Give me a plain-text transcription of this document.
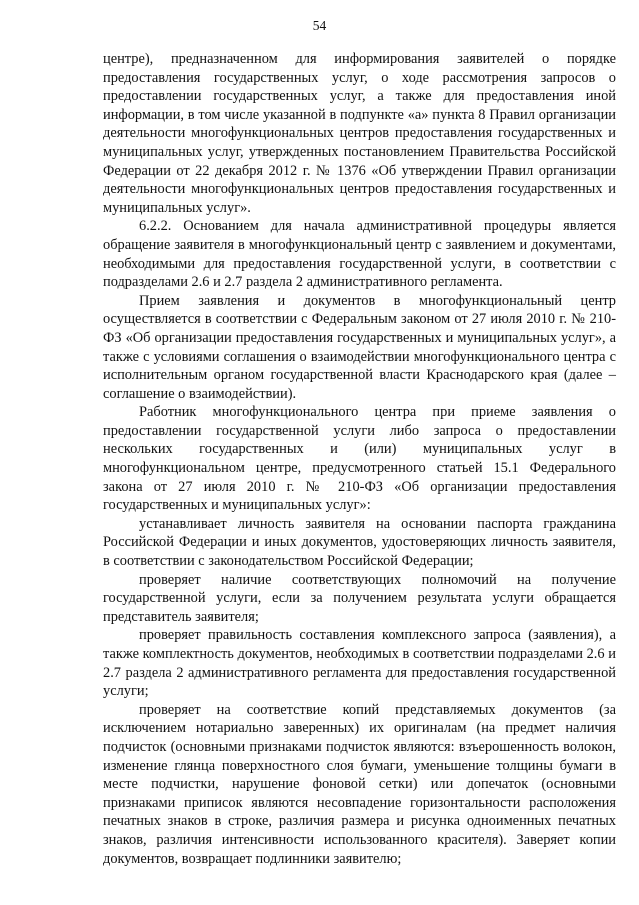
54

центре), предназначенном для информирования заявителей о порядке предоставления государственных услуг, о ходе рассмотрения запросов о предоставлении государственных услуг, а также для предоставления иной информации, в том числе указанной в подпункте «а» пункта 8 Правил организации деятельности многофункциональных центров предоставления государственных и муниципальных услуг, утвержденных постановлением Правительства Российской Федерации от 22 декабря 2012 г. № 1376 «Об утверждении Правил организации деятельности многофункциональных центров предоставления государственных и муниципальных услуг».

6.2.2. Основанием для начала административной процедуры является обращение заявителя в многофункциональный центр с заявлением и документами, необходимыми для предоставления государственной услуги, в соответствии с подразделами 2.6 и 2.7 раздела 2 административного регламента.

Прием заявления и документов в многофункциональный центр осуществляется в соответствии с Федеральным законом от 27 июля 2010 г. № 210-ФЗ «Об организации предоставления государственных и муниципальных услуг», а также с условиями соглашения о взаимодействии многофункционального центра с исполнительным органом государственной власти Краснодарского края (далее – соглашение о взаимодействии).

Работник многофункционального центра при приеме заявления о предоставлении государственной услуги либо запроса о предоставлении нескольких государственных и (или) муниципальных услуг в многофункциональном центре, предусмотренного статьей 15.1 Федерального закона от 27 июля 2010 г. № 210-ФЗ «Об организации предоставления государственных и муниципальных услуг»:

устанавливает личность заявителя на основании паспорта гражданина Российской Федерации и иных документов, удостоверяющих личность заявителя, в соответствии с законодательством Российской Федерации;

проверяет наличие соответствующих полномочий на получение государственной услуги, если за получением результата услуги обращается представитель заявителя;

проверяет правильность составления комплексного запроса (заявления), а также комплектность документов, необходимых в соответствии подразделами 2.6 и 2.7 раздела 2 административного регламента для предоставления государственной услуги;

проверяет на соответствие копий представляемых документов (за исключением нотариально заверенных) их оригиналам (на предмет наличия подчисток (основными признаками подчисток являются: взъерошенность волокон, изменение глянца поверхностного слоя бумаги, уменьшение толщины бумаги в месте подчистки, нарушение фоновой сетки) или допечаток (основными признаками приписок являются несовпадение горизонтальности расположения печатных знаков в строке, различия размера и рисунка одноименных печатных знаков, различия интенсивности использованного красителя). Заверяет копии документов, возвращает подлинники заявителю;
